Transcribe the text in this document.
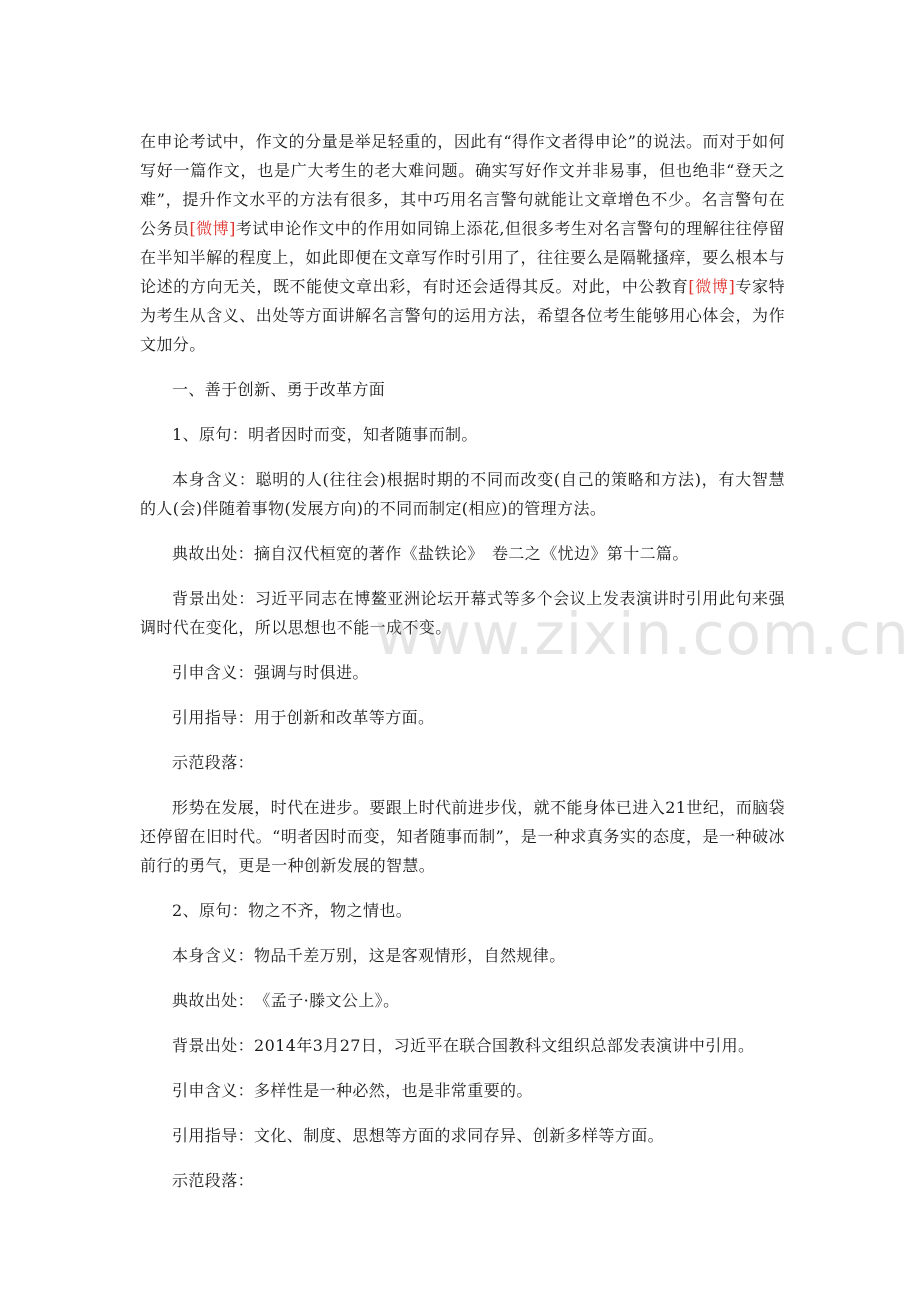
在申论考试中，作文的分量是举足轻重的，因此有“得作文者得申论”的说法。而对于如何写好一篇作文，也是广大考生的老大难问题。确实写好作文并非易事，但也绝非“登天之难”，提升作文水平的方法有很多，其中巧用名言警句就能让文章增色不少。名言警句在公务员[微博]考试申论作文中的作用如同锦上添花,但很多考生对名言警句的理解往往停留在半知半解的程度上，如此即便在文章写作时引用了，往往要么是隔靴搔痒，要么根本与论述的方向无关，既不能使文章出彩，有时还会适得其反。对此，中公教育[微博]专家特为考生从含义、出处等方面讲解名言警句的运用方法，希望各位考生能够用心体会，为作文加分。

一、善于创新、勇于改革方面

1、原句：明者因时而变，知者随事而制。

本身含义：聪明的人(往往会)根据时期的不同而改变(自己的策略和方法)，有大智慧的人(会)伴随着事物(发展方向)的不同而制定(相应)的管理方法。

典故出处：摘自汉代桓宽的著作《盐铁论》　卷二之《忧边》第十二篇。

背景出处：习近平同志在博鳌亚洲论坛开幕式等多个会议上发表演讲时引用此句来强调时代在变化，所以思想也不能一成不变。

引申含义：强调与时俱进。

引用指导：用于创新和改革等方面。

示范段落：

形势在发展，时代在进步。要跟上时代前进步伐，就不能身体已进入21世纪，而脑袋还停留在旧时代。“明者因时而变，知者随事而制”，是一种求真务实的态度，是一种破冰前行的勇气，更是一种创新发展的智慧。

2、原句：物之不齐，物之情也。

本身含义：物品千差万别，这是客观情形，自然规律。

典故出处：　《孟子·滕文公上》。

背景出处：2014年3月27日，习近平在联合国教科文组织总部发表演讲中引用。

引申含义：多样性是一种必然，也是非常重要的。

引用指导：文化、制度、思想等方面的求同存异、创新多样等方面。

示范段落：

www.zixin.com.cn
